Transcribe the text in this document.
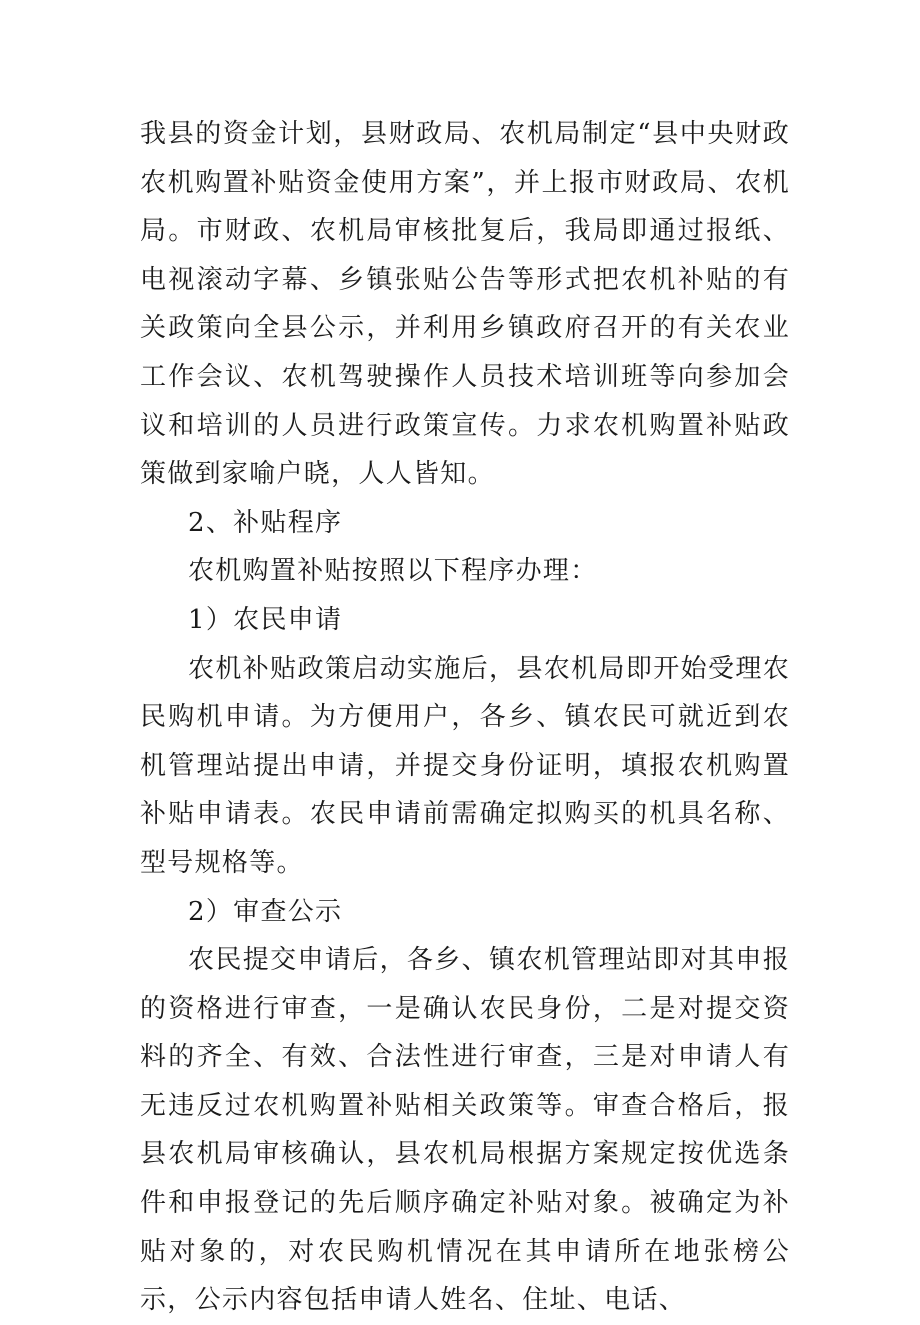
我县的资金计划，县财政局、农机局制定“县中央财政农机购置补贴资金使用方案”，并上报市财政局、农机局。市财政、农机局审核批复后，我局即通过报纸、电视滚动字幕、乡镇张贴公告等形式把农机补贴的有关政策向全县公示，并利用乡镇政府召开的有关农业工作会议、农机驾驶操作人员技术培训班等向参加会议和培训的人员进行政策宣传。力求农机购置补贴政策做到家喻户晓，人人皆知。

2、补贴程序

农机购置补贴按照以下程序办理：

1）农民申请

农机补贴政策启动实施后，县农机局即开始受理农民购机申请。为方便用户，各乡、镇农民可就近到农机管理站提出申请，并提交身份证明，填报农机购置补贴申请表。农民申请前需确定拟购买的机具名称、型号规格等。

2）审查公示

农民提交申请后，各乡、镇农机管理站即对其申报的资格进行审查，一是确认农民身份，二是对提交资料的齐全、有效、合法性进行审查，三是对申请人有无违反过农机购置补贴相关政策等。审查合格后，报县农机局审核确认，县农机局根据方案规定按优选条件和申报登记的先后顺序确定补贴对象。被确定为补贴对象的，对农民购机情况在其申请所在地张榜公示，公示内容包括申请人姓名、住址、电话、
